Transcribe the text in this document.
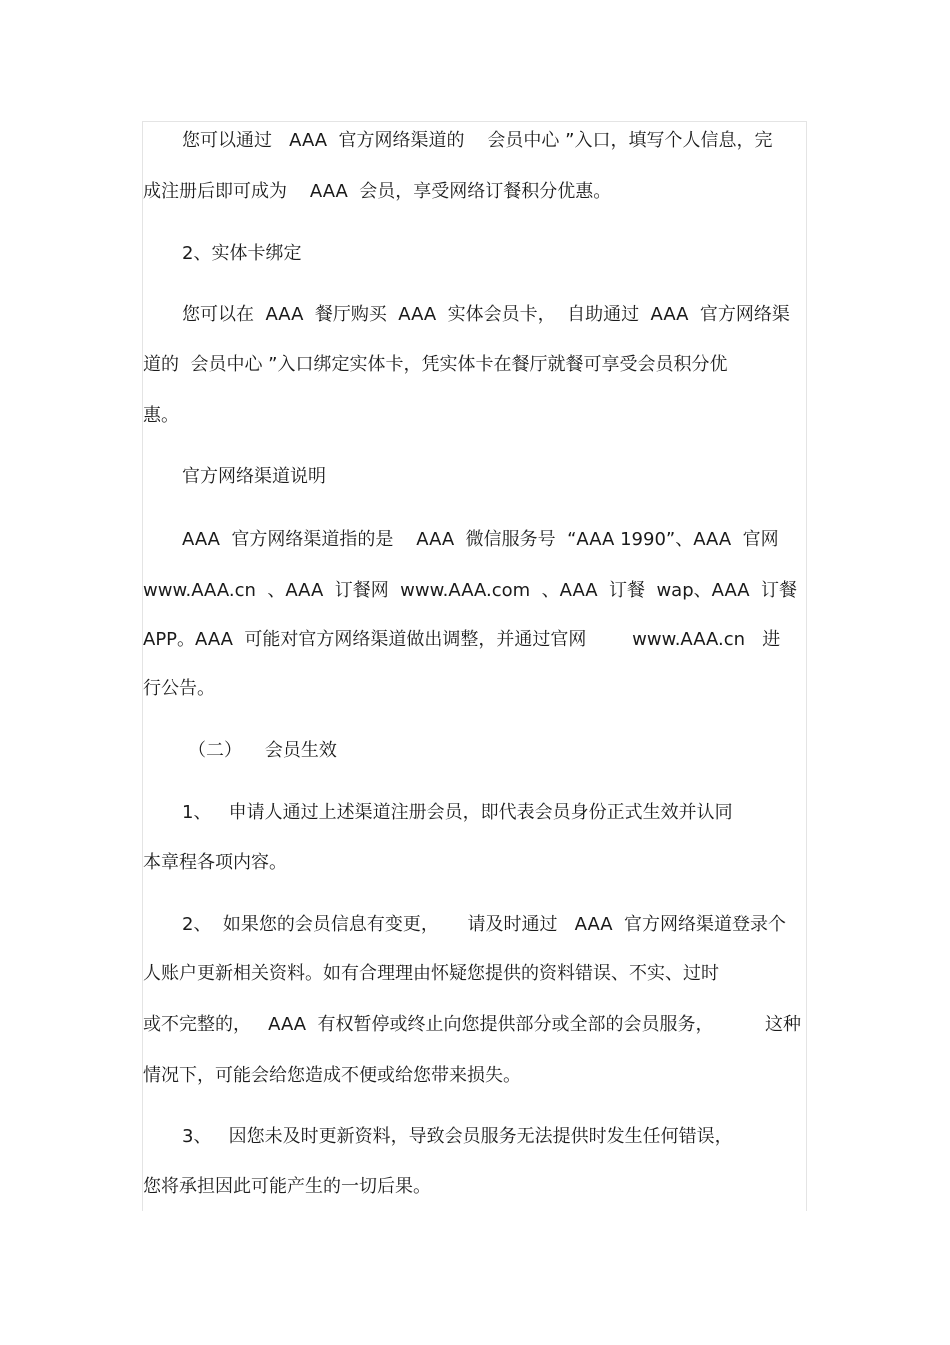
您可以通过   AAA  官方网络渠道的    会员中心 ”入口，填写个人信息，完

成注册后即可成为    AAA  会员，享受网络订餐积分优惠。

2、实体卡绑定

您可以在  AAA  餐厅购买  AAA  实体会员卡，  自助通过  AAA  官方网络渠

道的  会员中心 ”入口绑定实体卡，凭实体卡在餐厅就餐可享受会员积分优

惠。

官方网络渠道说明

AAA  官方网络渠道指的是    AAA  微信服务号  “AAA 1990”、AAA  官网

www.AAA.cn  、AAA  订餐网  www.AAA.com  、AAA  订餐  wap、AAA  订餐

APP。AAA  可能对官方网络渠道做出调整，并通过官网        www.AAA.cn   进

行公告。

（二）    会员生效

1、   申请人通过上述渠道注册会员，即代表会员身份正式生效并认同

本章程各项内容。

2、  如果您的会员信息有变更，     请及时通过   AAA  官方网络渠道登录个

人账户更新相关资料。如有合理理由怀疑您提供的资料错误、不实、过时

或不完整的，   AAA  有权暂停或终止向您提供部分或全部的会员服务，         这种

情况下，可能会给您造成不便或给您带来损失。

3、   因您未及时更新资料，导致会员服务无法提供时发生任何错误，

您将承担因此可能产生的一切后果。
